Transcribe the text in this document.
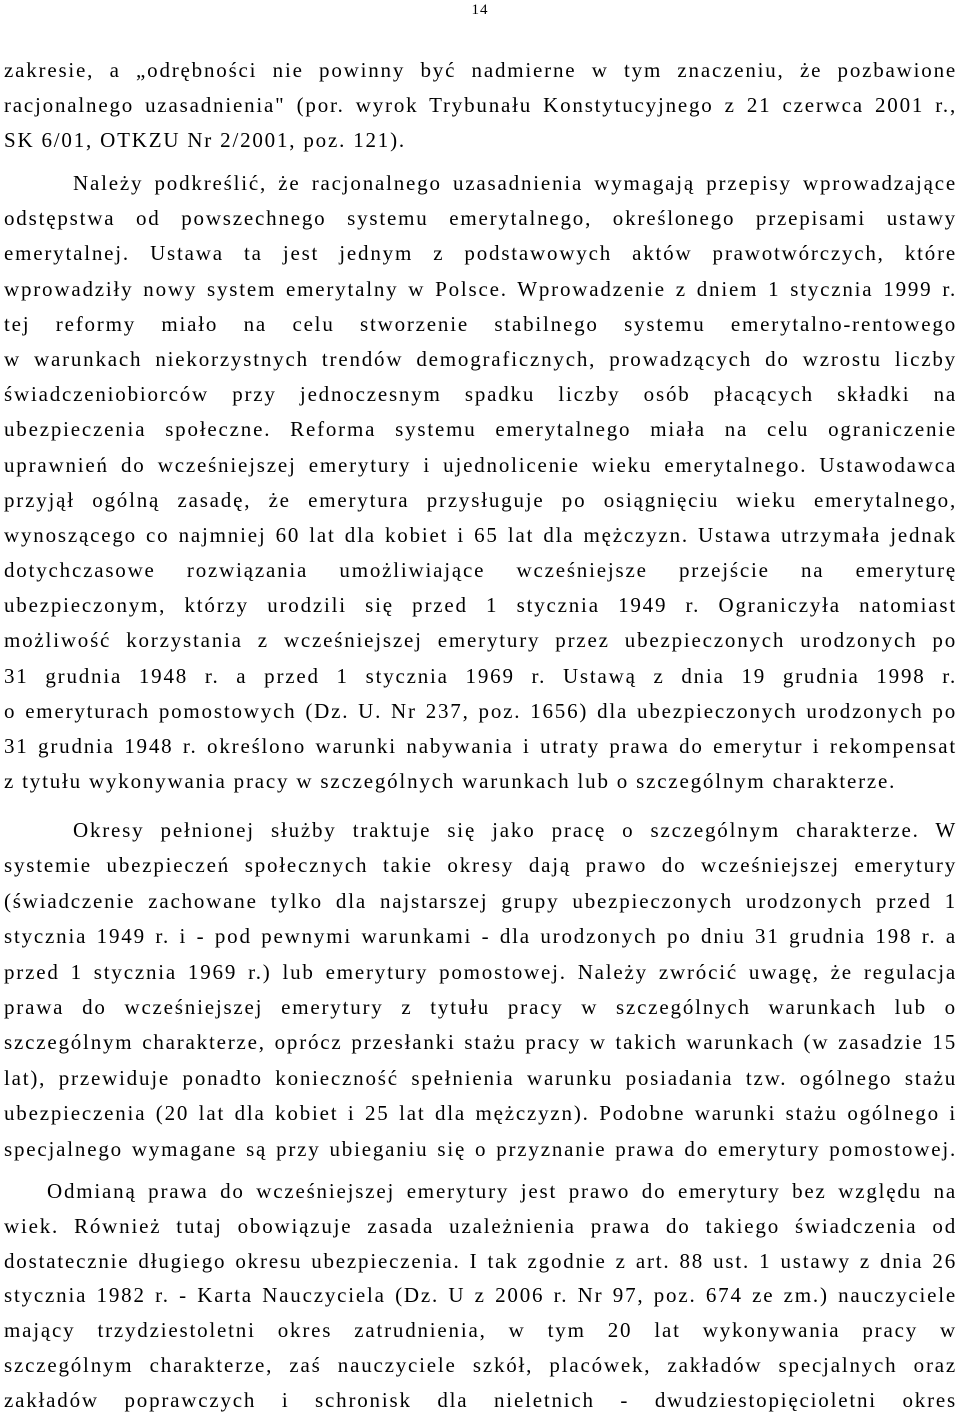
14
zakresie, a „odrębności nie powinny być nadmierne w tym znaczeniu, że pozbawione
racjonalnego uzasadnienia" (por. wyrok Trybunału Konstytucyjnego z 21 czerwca 2001 r.,
SK 6/01, OTKZU Nr 2/2001, poz. 121).
Należy podkreślić, że racjonalnego uzasadnienia wymagają przepisy wprowadzające
odstępstwa od powszechnego systemu emerytalnego, określonego przepisami ustawy
emerytalnej. Ustawa ta jest jednym z podstawowych aktów prawotwórczych, które
wprowadziły nowy system emerytalny w Polsce. Wprowadzenie z dniem 1 stycznia 1999 r.
tej reformy miało na celu stworzenie stabilnego systemu emerytalno-rentowego
w warunkach niekorzystnych trendów demograficznych, prowadzących do wzrostu liczby
świadczeniobiorców przy jednoczesnym spadku liczby osób płacących składki na
ubezpieczenia społeczne. Reforma systemu emerytalnego miała na celu ograniczenie
uprawnień do wcześniejszej emerytury i ujednolicenie wieku emerytalnego. Ustawodawca
przyjął ogólną zasadę, że emerytura przysługuje po osiągnięciu wieku emerytalnego,
wynoszącego co najmniej 60 lat dla kobiet i 65 lat dla mężczyzn. Ustawa utrzymała jednak
dotychczasowe rozwiązania umożliwiające wcześniejsze przejście na emeryturę
ubezpieczonym, którzy urodzili się przed 1 stycznia 1949 r. Ograniczyła natomiast
możliwość korzystania z wcześniejszej emerytury przez ubezpieczonych urodzonych po
31 grudnia 1948 r. a przed 1 stycznia 1969 r. Ustawą z dnia 19 grudnia 1998 r.
o emeryturach pomostowych (Dz. U. Nr 237, poz. 1656) dla ubezpieczonych urodzonych po
31 grudnia 1948 r. określono warunki nabywania i utraty prawa do emerytur i rekompensat
z tytułu wykonywania pracy w szczególnych warunkach lub o szczególnym charakterze.
Okresy pełnionej służby traktuje się jako pracę o szczególnym charakterze. W
systemie ubezpieczeń społecznych takie okresy dają prawo do wcześniejszej emerytury
(świadczenie zachowane tylko dla najstarszej grupy ubezpieczonych urodzonych przed 1
stycznia 1949 r. i - pod pewnymi warunkami - dla urodzonych po dniu 31 grudnia 198 r. a
przed 1 stycznia 1969 r.) lub emerytury pomostowej. Należy zwrócić uwagę, że regulacja
prawa do wcześniejszej emerytury z tytułu pracy w szczególnych warunkach lub o
szczególnym charakterze, oprócz przesłanki stażu pracy w takich warunkach (w zasadzie 15
lat), przewiduje ponadto konieczność spełnienia warunku posiadania tzw. ogólnego stażu
ubezpieczenia (20 lat dla kobiet i 25 lat dla mężczyzn). Podobne warunki stażu ogólnego i
specjalnego wymagane są przy ubieganiu się o przyznanie prawa do emerytury pomostowej.
Odmianą prawa do wcześniejszej emerytury jest prawo do emerytury bez względu na
wiek. Również tutaj obowiązuje zasada uzależnienia prawa do takiego świadczenia od
dostatecznie długiego okresu ubezpieczenia. I tak zgodnie z art. 88 ust. 1 ustawy z dnia 26
stycznia 1982 r. - Karta Nauczyciela (Dz. U z 2006 r. Nr 97, poz. 674 ze zm.) nauczyciele
mający trzydziestoletni okres zatrudnienia, w tym 20 lat wykonywania pracy w
szczególnym charakterze, zaś nauczyciele szkół, placówek, zakładów specjalnych oraz
zakładów poprawczych i schronisk dla nieletnich - dwudziestopięcioletni okres
